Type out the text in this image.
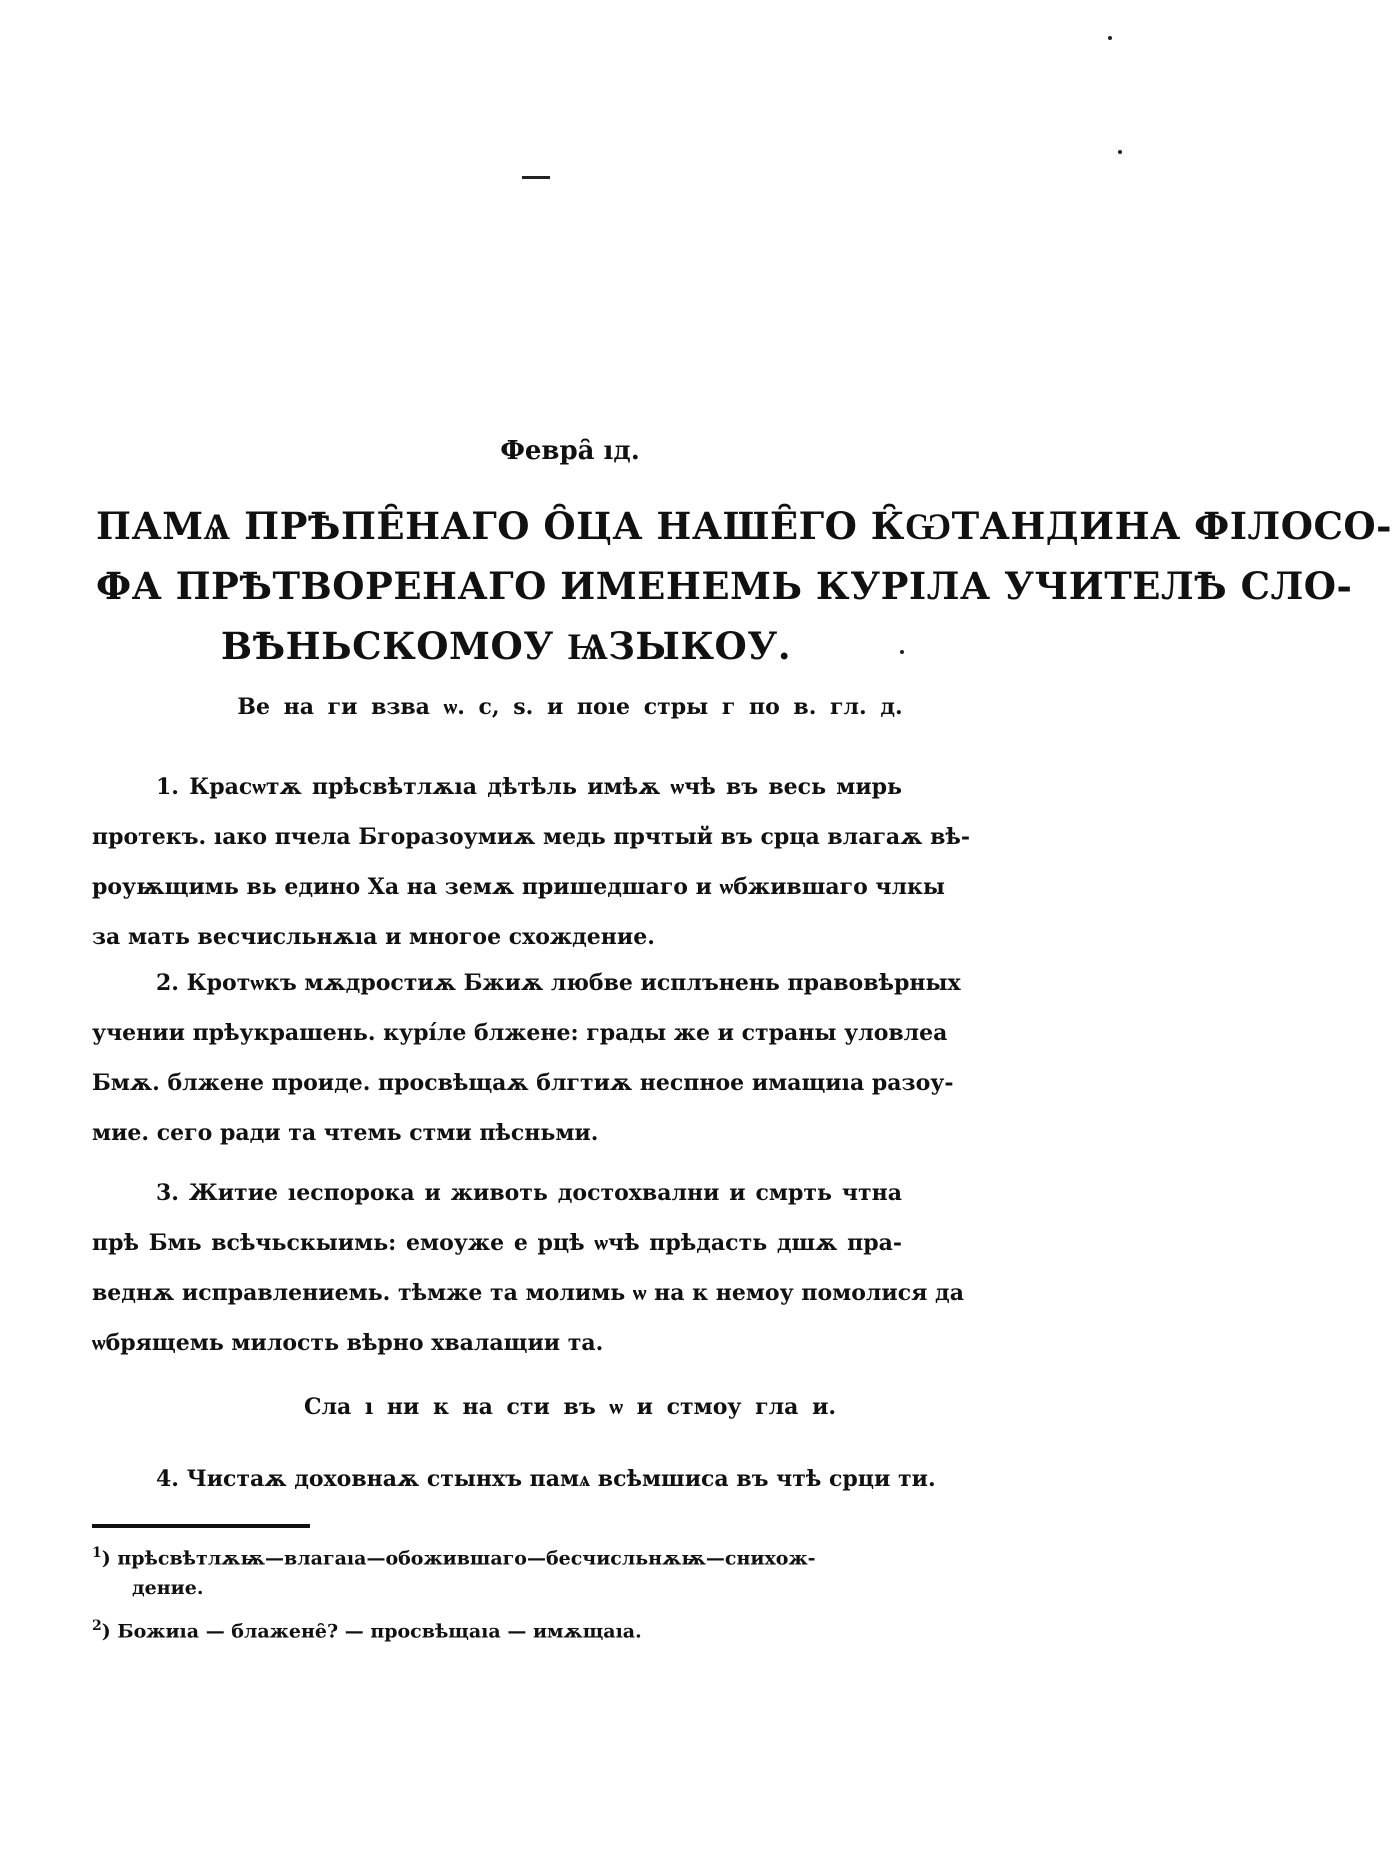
Февра̑ ıд.
ПАМѦ ПРѢПЕ̑НАГО О̑ЦА НАШЕ̑ГО К̑ѠТАНДИНА ФІЛОСО-
ФА ПРѢТВОРЕНАГО ИМЕНЕМЬ КУРІЛА УЧИТЕЛѢ СЛО-
ВѢНЬСКОМОУ ѨЗЫКОУ.
Ве на ги взва ѡ. с, ѕ. и поıе стры г по в. гл. д.
1. Красѡтѫ прѣсвѣтлѫıа дѣтѣль имѣѫ ѡчѣ въ весь мирь
протекъ. ıако пчела Бгоразоумиѫ медь прчтый въ срца влагаѫ вѣ-
роуѭщимь вь едино Ха на земѫ пришедшаго и ѡбжившаго члкы
за мать весчисльнѫıа и многое схождение.
2. Кротѡкъ мѫдростиѫ Бжиѫ любве исплънень правовѣрных
учении прѣукрашень. курíле блжене: грады же и страны уловлеа
Бмѫ. блжене прoиде. просвѣщаѫ блгтиѫ неспное имащиıа разоу-
мие. сего ради та чтемь стми пѣсньми.
3. Житие ıеспорока и животь достохвални и смрть чтна
прѣ Бмь всѣчьскыимь: емоуже е рцѣ ѡчѣ прѣдасть дшѫ пра-
веднѫ исправлениемь. тѣмже та молимь ѡ на к немоу помолися да
ѡбрящемь милость вѣрно хвалащии та.
Сла ı ни к на сти въ ѡ и стмоу гла и.
4. Чистаѫ доховнаѫ стынхъ памѧ всѣмшиса въ чтѣ срци ти.
$^1$) прѣсвѣтлѫѭ—влагаıа—обожившаго—бесчисльнѫѭ—снихож-
дение.
$^2$) Божиıа — блажене̑? — просвѣщаıа — имѫщаıа.
